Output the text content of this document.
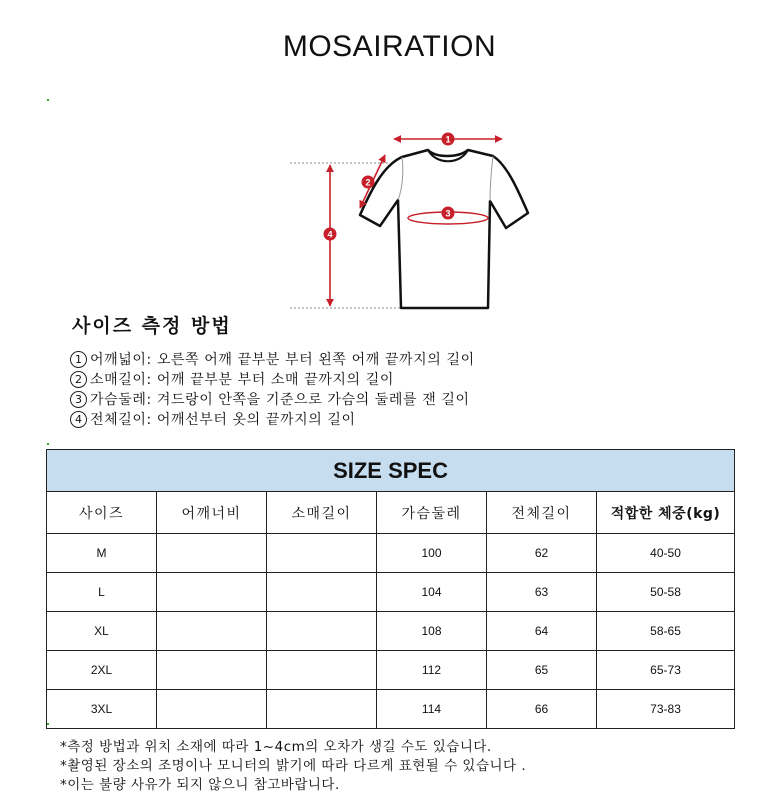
MOSAIRATION
1
2
3
4
사이즈 측정 방법
1 어깨넓이: 오른쪽 어깨 끝부분 부터 왼쪽 어깨 끝까지의 길이
2 소매길이: 어깨 끝부분 부터 소매 끝까지의 길이
3 가슴둘레: 겨드랑이 안쪽을 기준으로 가슴의 둘레를 잰 길이
4 전체길이: 어깨선부터 옷의 끝까지의 길이
SIZE SPEC					
사이즈	어깨너비	소매길이	가슴둘레	전체길이	적합한 체중(kg)
M			100	62	40-50
L			104	63	50-58
XL			108	64	58-65
2XL			112	65	65-73
3XL			114	66	73-83
*측정 방법과 위치 소재에 따라 1~4cm의 오차가 생길 수도 있습니다.
*촬영된 장소의 조명이나 모니터의 밝기에 따라 다르게 표현될 수 있습니다 .
*이는 불량 사유가 되지 않으니 참고바랍니다.
